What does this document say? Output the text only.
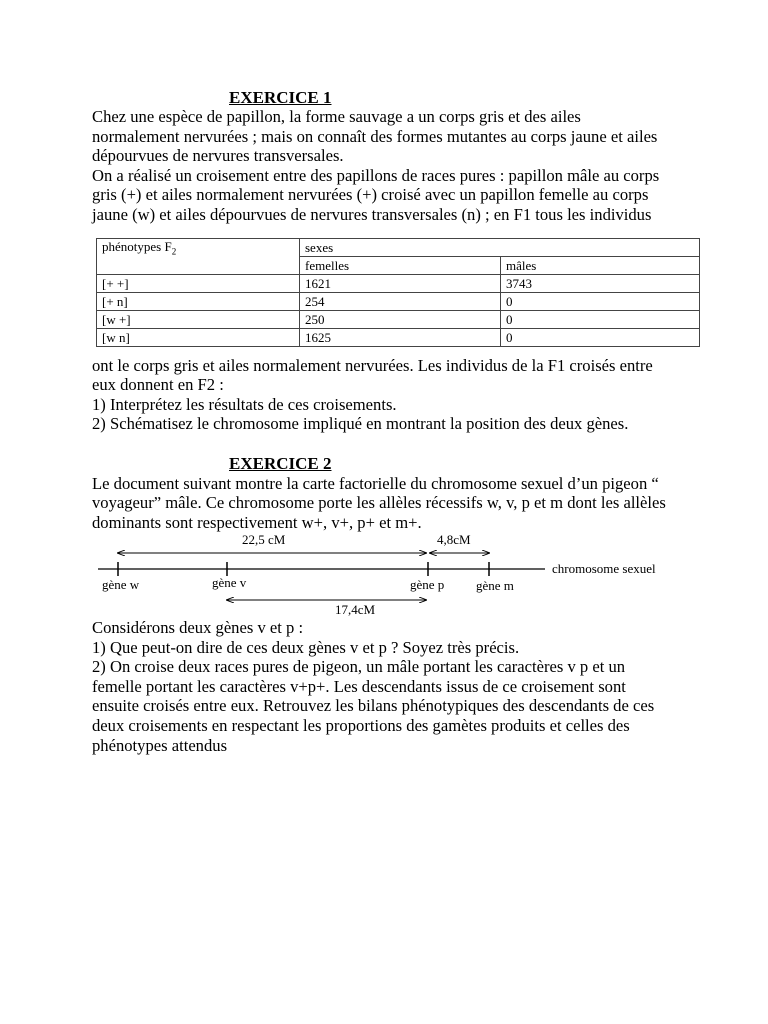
EXERCICE 1
Chez une espèce de papillon, la forme sauvage a un corps gris et des ailes
normalement nervurées ; mais on connaît des formes mutantes au corps jaune et ailes
dépourvues de nervures transversales.
On a réalisé un croisement entre des papillons de races pures : papillon mâle au corps
gris (+) et ailes normalement nervurées (+) croisé avec un papillon femelle au corps
jaune (w) et ailes dépourvues de nervures transversales (n) ; en F1 tous les individus
phénotypes $F_2$	sexes	
	femelles	mâles
[+ +]	1621	3743
[+ n]	254	0
[w +]	250	0
[w n]	1625	0
ont le corps gris et ailes normalement nervurées. Les individus de la F1 croisés entre
eux donnent en F2 :
1) Interprétez les résultats de ces croisements.
2) Schématisez le chromosome impliqué en montrant la position des deux gènes.
EXERCICE 2
Le document suivant montre la carte factorielle du chromosome sexuel d’un pigeon “
voyageur” mâle. Ce chromosome porte les allèles récessifs w, v, p et m dont les allèles
dominants sont respectivement w+, v+, p+ et m+.
22,5 cM	4,8cM
chromosome sexuel
gène w	gène v	gène p gène m
17,4cM
Considérons deux gènes v et p :
1) Que peut-on dire de ces deux gènes v et p ? Soyez très précis.
2) On croise deux races pures de pigeon, un mâle portant les caractères v p et un
femelle portant les caractères v+p+. Les descendants issus de ce croisement sont
ensuite croisés entre eux. Retrouvez les bilans phénotypiques des descendants de ces
deux croisements en respectant les proportions des gamètes produits et celles des
phénotypes attendus
